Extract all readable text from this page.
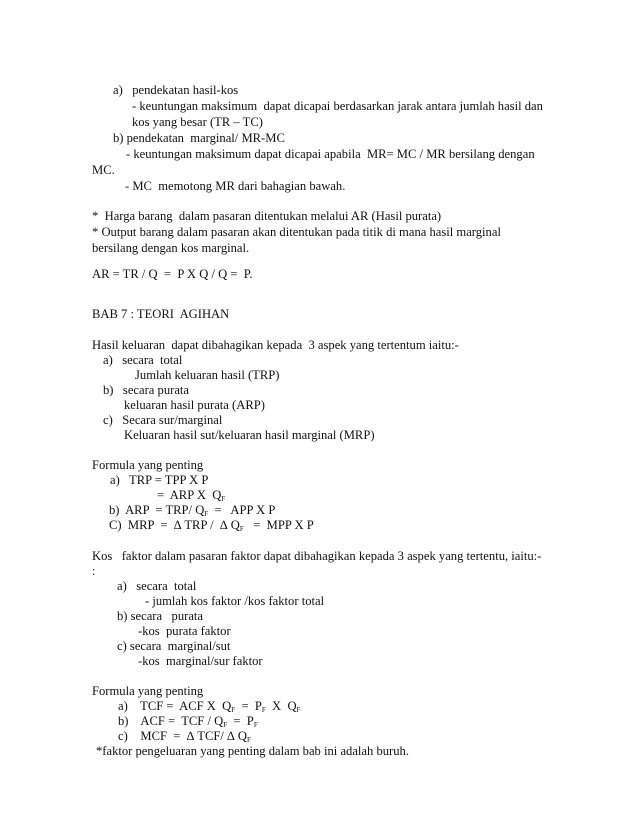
a)   pendekatan hasil-kos
- keuntungan maksimum  dapat dicapai berdasarkan jarak antara jumlah hasil dan
kos yang besar (TR – TC)
b) pendekatan  marginal/ MR-MC
- keuntungan maksimum dapat dicapai apabila  MR= MC / MR bersilang dengan
MC.
- MC  memotong MR dari bahagian bawah.
*  Harga barang  dalam pasaran ditentukan melalui AR (Hasil purata)
* Output barang dalam pasaran akan ditentukan pada titik di mana hasil marginal
bersilang dengan kos marginal.
AR = TR / Q  =  P X Q / Q =  P.
BAB 7 : TEORI  AGIHAN
Hasil keluaran  dapat dibahagikan kepada  3 aspek yang tertentum iaitu:-
a)   secara  total
Jumlah keluaran hasil (TRP)
b)   secara purata
keluaran hasil purata (ARP)
c)   Secara sur/marginal
Keluaran hasil sut/keluaran hasil marginal (MRP)
Formula yang penting
a)   TRP = TPP X P
=  ARP X  $Q_F$
b)  ARP  = TRP/ $Q_F$  =   APP X P
C)  MRP  =  ∆ TRP /  ∆ $Q_F$   =  MPP X P
Kos   faktor dalam pasaran faktor dapat dibahagikan kepada 3 aspek yang tertentu, iaitu:-
:
a)   secara  total
- jumlah kos faktor /kos faktor total
b) secara   purata
-kos  purata faktor
c) secara  marginal/sut
-kos  marginal/sur faktor
Formula yang penting
a)    TCF =  ACF X  $Q_F = P_F$  X  $Q_F$
b)    ACF =  TCF / $Q_F = P_F$
c)    MCF  =  ∆ TCF/ ∆ $Q_F$
*faktor pengeluaran yang penting dalam bab ini adalah buruh.
